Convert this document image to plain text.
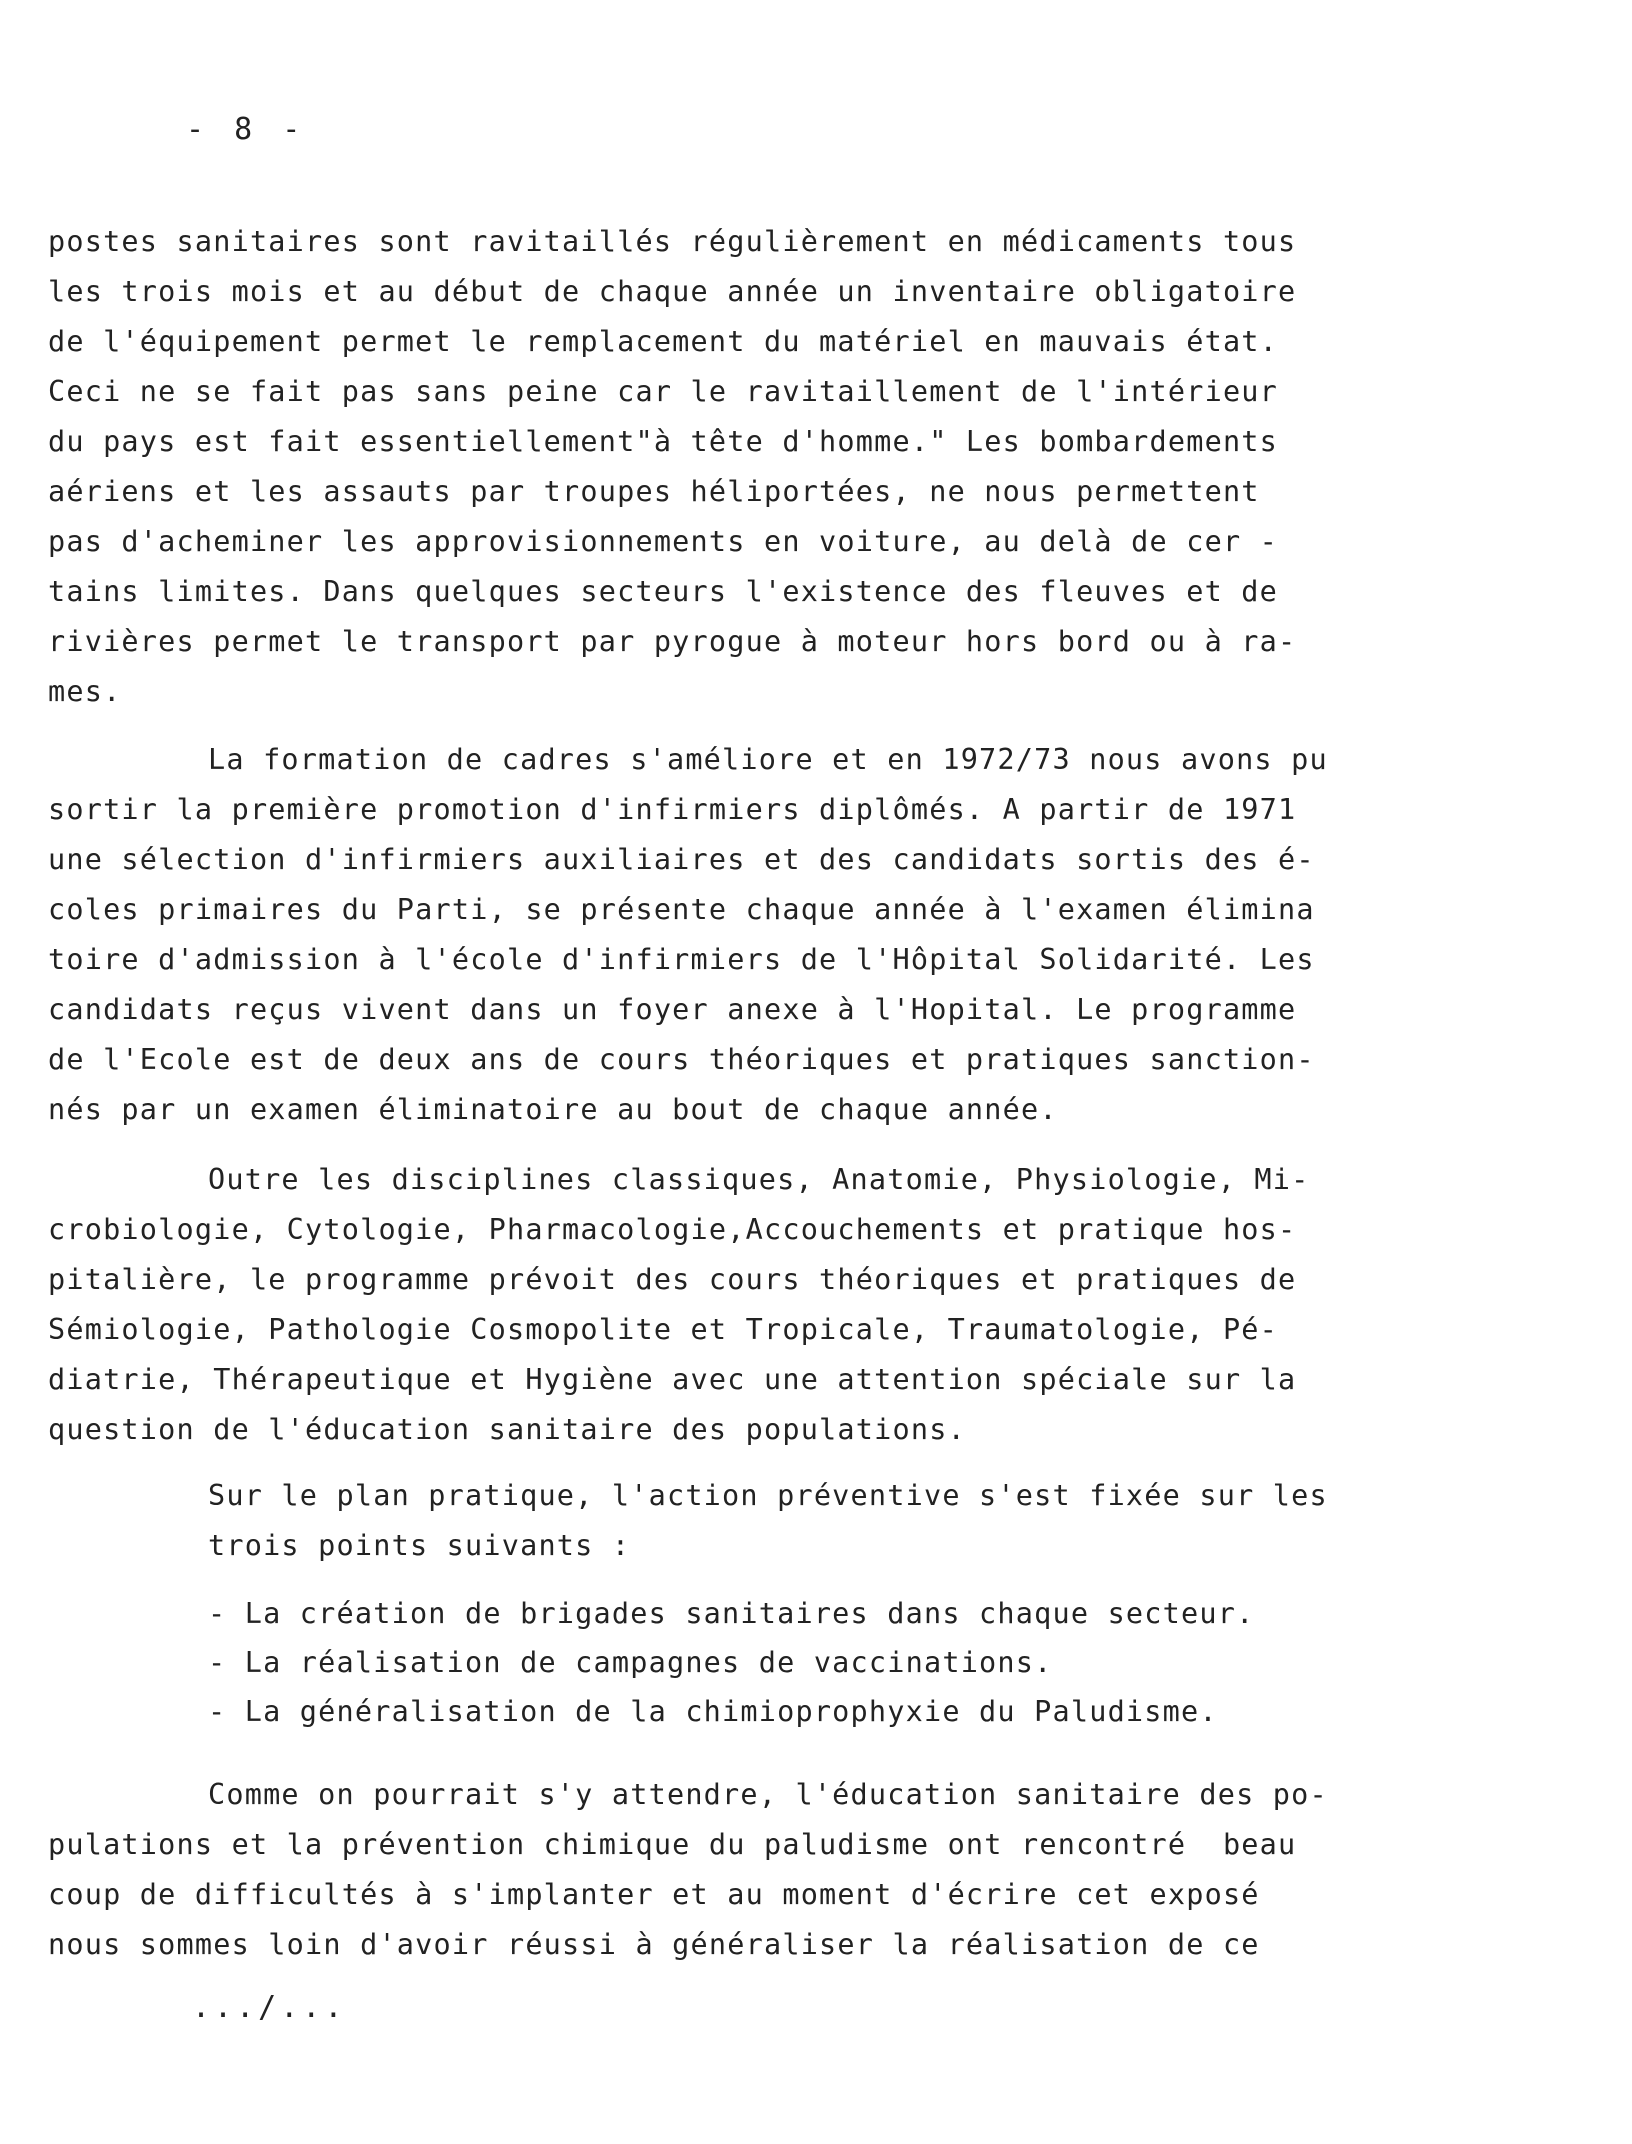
- 8 -
postes sanitaires sont ravitaillés régulièrement en médicaments tous
les trois mois et au début de chaque année un inventaire obligatoire
de l'équipement permet le remplacement du matériel en mauvais état.
Ceci ne se fait pas sans peine car le ravitaillement de l'intérieur
du pays est fait essentiellement"à tête d'homme." Les bombardements
aériens et les assauts par troupes héliportées, ne nous permettent
pas d'acheminer les approvisionnements en voiture, au delà de cer -
tains limites. Dans quelques secteurs l'existence des fleuves et de
rivières permet le transport par pyrogue à moteur hors bord ou à ra-
mes.
La formation de cadres s'améliore et en 1972/73 nous avons pu
sortir la première promotion d'infirmiers diplômés. A partir de 1971
une sélection d'infirmiers auxiliaires et des candidats sortis des é-
coles primaires du Parti, se présente chaque année à l'examen élimina
toire d'admission à l'école d'infirmiers de l'Hôpital Solidarité. Les
candidats reçus vivent dans un foyer anexe à l'Hopital. Le programme
de l'Ecole est de deux ans de cours théoriques et pratiques sanction-
nés par un examen éliminatoire au bout de chaque année.
Outre les disciplines classiques, Anatomie, Physiologie, Mi-
crobiologie, Cytologie, Pharmacologie,Accouchements et pratique hos-
pitalière, le programme prévoit des cours théoriques et pratiques de
Sémiologie, Pathologie Cosmopolite et Tropicale, Traumatologie, Pé-
diatrie, Thérapeutique et Hygiène avec une attention spéciale sur la
question de l'éducation sanitaire des populations.
Sur le plan pratique, l'action préventive s'est fixée sur les
trois points suivants :
- La création de brigades sanitaires dans chaque secteur.
- La réalisation de campagnes de vaccinations.
- La généralisation de la chimioprophyxie du Paludisme.
Comme on pourrait s'y attendre, l'éducation sanitaire des po-
pulations et la prévention chimique du paludisme ont rencontré  beau
coup de difficultés à s'implanter et au moment d'écrire cet exposé
nous sommes loin d'avoir réussi à généraliser la réalisation de ce
.../...
